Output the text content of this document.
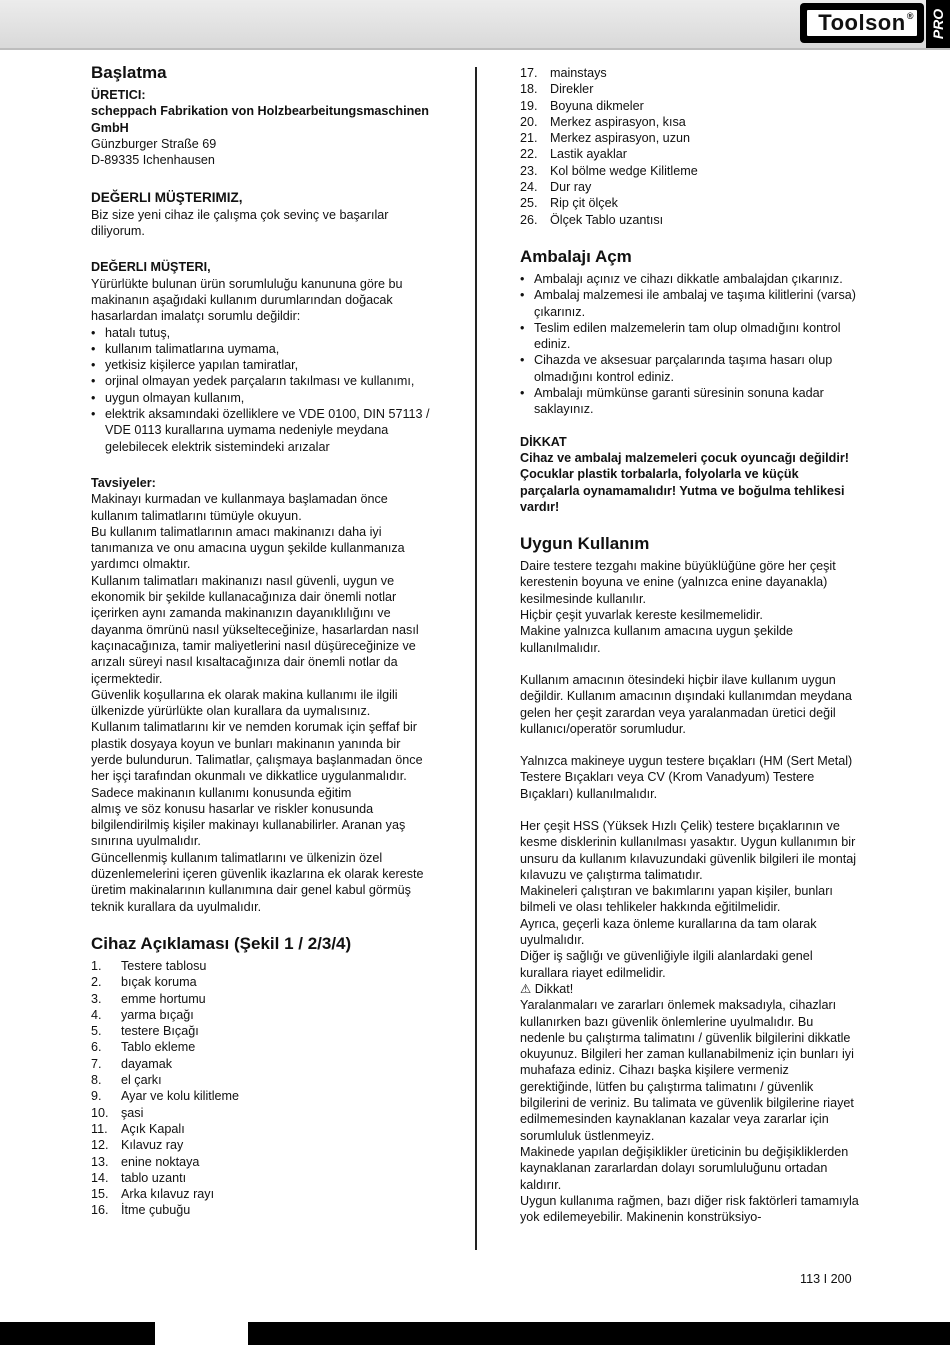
Toolson ® PRO
Başlatma

ÜRETICI:

scheppach Fabrikation von Holzbearbeitungsmaschinen GmbH

Günzburger Straße 69

D-89335 Ichenhausen

DEĞERLI MÜŞTERIMIZ,

Biz size yeni cihaz ile çalışma çok sevinç ve başarılar diliyorum.

DEĞERLI MÜŞTERI,

Yürürlükte bulunan ürün sorumluluğu kanununa göre bu makinanın aşağıdaki kullanım durumlarından doğacak hasarlardan imalatçı sorumlu değildir:

• hatalı tutuş,
• kullanım talimatlarına uymama,
• yetkisiz kişilerce yapılan tamiratlar,
• orjinal olmayan yedek parçaların takılması ve kullanımı,
• uygun olmayan kullanım,
• elektrik aksamındaki özelliklere ve VDE 0100, DIN 57113 / VDE 0113 kurallarına uymama nedeniyle meydana gelebilecek elektrik sistemindeki arızalar

Tavsiyeler:

Makinayı kurmadan ve kullanmaya başlamadan önce kullanım talimatlarını tümüyle okuyun.

Bu kullanım talimatlarının amacı makinanızı daha iyi tanımanıza ve onu amacına uygun şekilde kullanmanıza yardımcı olmaktır.

Kullanım talimatları makinanızı nasıl güvenli, uygun ve ekonomik bir şekilde kullanacağınıza dair önemli notlar içerirken aynı zamanda makinanızın dayanıklılığını ve dayanma ömrünü nasıl yükselteceğinize, hasarlardan nasıl kaçınacağınıza, tamir maliyetlerini nasıl düşüreceğinize ve arızalı süreyi nasıl kısaltacağınıza dair önemli notlar da içermektedir.

Güvenlik koşullarına ek olarak makina kullanımı ile ilgili ülkenizde yürürlükte olan kurallara da uymalısınız.

Kullanım talimatlarını kir ve nemden korumak için şeffaf bir plastik dosyaya koyun ve bunları makinanın yanında bir yerde bulundurun. Talimatlar, çalışmaya başlanmadan önce her işçi tarafından okunmalı ve dikkatlice uygulanmalıdır. Sadece makinanın kullanımı konusunda eğitim

almış ve söz konusu hasarlar ve riskler konusunda bilgilendirilmiş kişiler makinayı kullanabilirler. Aranan yaş sınırına uyulmalıdır.

Güncellenmiş kullanım talimatlarını ve ülkenizin özel düzenlemelerini içeren güvenlik ikazlarına ek olarak kereste üretim makinalarının kullanımına dair genel kabul görmüş teknik kurallara da uyulmalıdır.

Cihaz Açıklaması (Şekil 1 / 2/3/4)
1.	Testere tablosu
2.	bıçak koruma
3.	emme hortumu
4.	yarma bıçağı
5.	testere Bıçağı
6.	Tablo ekleme
7.	dayamak
8.	el çarkı
9.	Ayar ve kolu kilitleme
10. şasi
11.	Açık Kapalı
12. Kılavuz ray
13. enine noktaya
14. tablo uzantı
15. Arka kılavuz rayı
16. İtme çubuğu
17. mainstays
18. Direkler
19. Boyuna dikmeler
20. Merkez aspirasyon, kısa
21. Merkez aspirasyon, uzun
22. Lastik ayaklar
23. Kol bölme wedge Kilitleme
24. Dur ray
25. Rip çit ölçek
26. Ölçek Tablo uzantısı
Ambalajı Açm
• Ambalajı açınız ve cihazı dikkatle ambalajdan çıkarınız.
• Ambalaj malzemesi ile ambalaj ve taşıma kilitlerini (varsa) çıkarınız.
• Teslim edilen malzemelerin tam olup olmadığını kontrol ediniz.
• Cihazda ve aksesuar parçalarında taşıma hasarı olup olmadığını kontrol ediniz.
• Ambalajı mümkünse garanti süresinin sonuna kadar saklayınız.

DİKKAT

Cihaz ve ambalaj malzemeleri çocuk oyuncağı değildir! Çocuklar plastik torbalarla, folyolarla ve küçük parçalarla oynamamalıdır! Yutma ve boğulma tehlikesi vardır!

Uygun Kullanım

Daire testere tezgahı makine büyüklüğüne göre her çeşit kerestenin boyuna ve enine (yalnızca enine dayanakla) kesilmesinde kullanılır.

Hiçbir çeşit yuvarlak kereste kesilmemelidir.

Makine yalnızca kullanım amacına uygun şekilde kullanılmalıdır.

Kullanım amacının ötesindeki hiçbir ilave kullanım uygun değildir. Kullanım amacının dışındaki kullanımdan meydana gelen her çeşit zarardan veya yaralanmadan üretici değil kullanıcı/operatör sorumludur.

Yalnızca makineye uygun testere bıçakları (HM (Sert Metal) Testere Bıçakları veya CV (Krom Vanadyum) Testere Bıçakları) kullanılmalıdır.

Her çeşit HSS (Yüksek Hızlı Çelik) testere bıçaklarının ve kesme disklerinin kullanılması yasaktır. Uygun kullanımın bir unsuru da kullanım kılavuzundaki güvenlik bilgileri ile montaj kılavuzu ve çalıştırma talimatıdır.

Makineleri çalıştıran ve bakımlarını yapan kişiler, bunları bilmeli ve olası tehlikeler hakkında eğitilmelidir.

Ayrıca, geçerli kaza önleme kurallarına da tam olarak uyulmalıdır.

Diğer iş sağlığı ve güvenliğiyle ilgili alanlardaki genel kurallara riayet edilmelidir.

⚠ Dikkat!

Yaralanmaları ve zararları önlemek maksadıyla, cihazları kullanırken bazı güvenlik önlemlerine uyulmalıdır. Bu nedenle bu çalıştırma talimatını / güvenlik bilgilerini dikkatle okuyunuz. Bilgileri her zaman kullanabilmeniz için bunları iyi muhafaza ediniz. Cihazı başka kişilere vermeniz gerektiğinde, lütfen bu çalıştırma talimatını / güvenlik bilgilerini de veriniz. Bu talimata ve güvenlik bilgilerine riayet edilmemesinden kaynaklanan kazalar veya zararlar için sorumluluk üstlenmeyiz.

Makinede yapılan değişiklikler üreticinin bu değişikliklerden kaynaklanan zararlardan dolayı sorumluluğunu ortadan kaldırır.

Uygun kullanıma rağmen, bazı diğer risk faktörleri tamamıyla yok edilemeyebilir. Makinenin konstrüksiyo-

113 I 200
